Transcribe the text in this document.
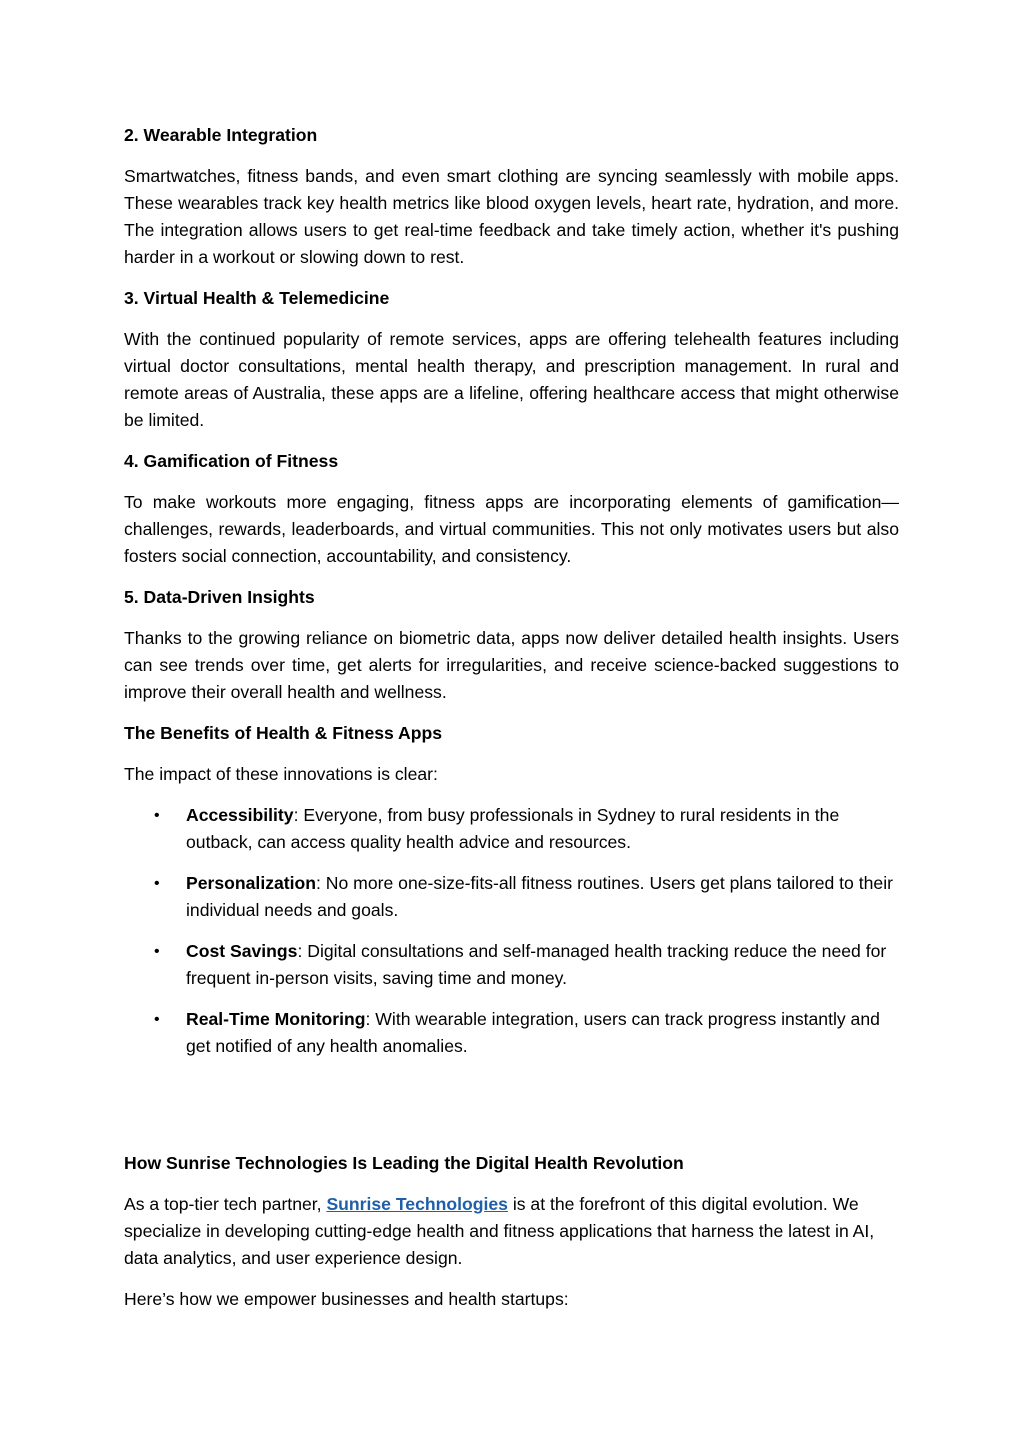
2. Wearable Integration

Smartwatches, fitness bands, and even smart clothing are syncing seamlessly with mobile apps. These wearables track key health metrics like blood oxygen levels, heart rate, hydration, and more. The integration allows users to get real-time feedback and take timely action, whether it's pushing harder in a workout or slowing down to rest.

3. Virtual Health & Telemedicine

With the continued popularity of remote services, apps are offering telehealth features including virtual doctor consultations, mental health therapy, and prescription management. In rural and remote areas of Australia, these apps are a lifeline, offering healthcare access that might otherwise be limited.

4. Gamification of Fitness

To make workouts more engaging, fitness apps are incorporating elements of gamification—challenges, rewards, leaderboards, and virtual communities. This not only motivates users but also fosters social connection, accountability, and consistency.

5. Data-Driven Insights

Thanks to the growing reliance on biometric data, apps now deliver detailed health insights. Users can see trends over time, get alerts for irregularities, and receive science-backed suggestions to improve their overall health and wellness.

The Benefits of Health & Fitness Apps

The impact of these innovations is clear:

• Accessibility: Everyone, from busy professionals in Sydney to rural residents in the outback, can access quality health advice and resources.
• Personalization: No more one-size-fits-all fitness routines. Users get plans tailored to their individual needs and goals.
• Cost Savings: Digital consultations and self-managed health tracking reduce the need for frequent in-person visits, saving time and money.
• Real-Time Monitoring: With wearable integration, users can track progress instantly and get notified of any health anomalies.
How Sunrise Technologies Is Leading the Digital Health Revolution

As a top-tier tech partner, Sunrise Technologies is at the forefront of this digital evolution. We specialize in developing cutting-edge health and fitness applications that harness the latest in AI, data analytics, and user experience design.

Here’s how we empower businesses and health startups:
